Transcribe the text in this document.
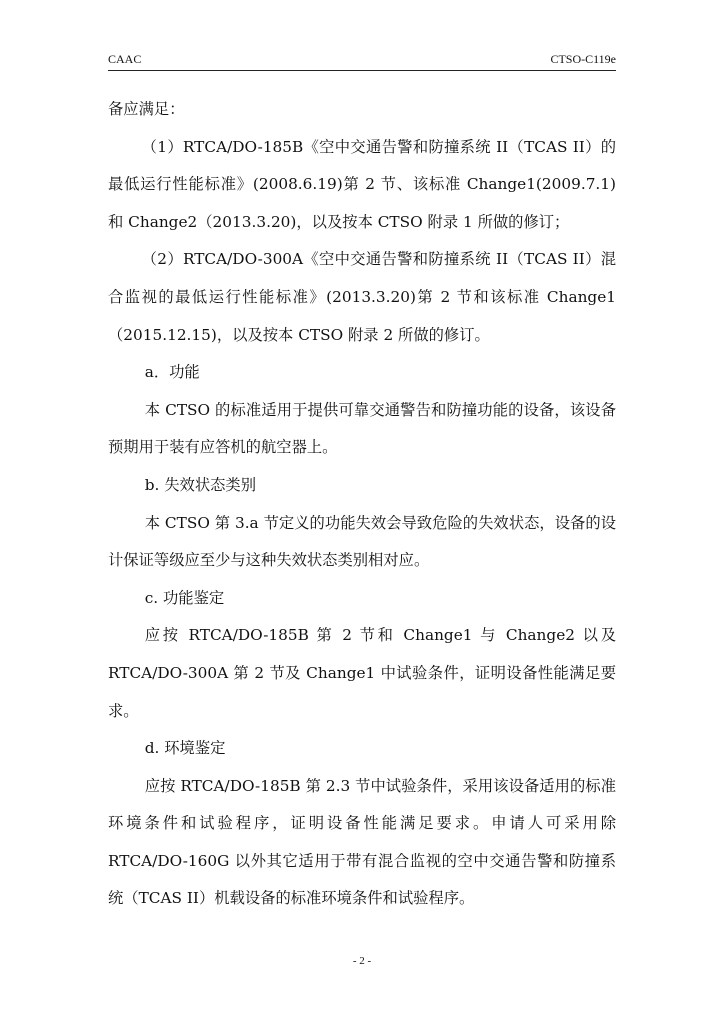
CAAC	CTSO-C119e

备应满足：

（1）RTCA/DO-185B《空中交通告警和防撞系统 II（TCAS II）的最低运行性能标准》(2008.6.19)第 2 节、该标准 Change1(2009.7.1)和 Change2（2013.3.20)，以及按本 CTSO 附录 1 所做的修订；

（2）RTCA/DO-300A《空中交通告警和防撞系统 II（TCAS II）混合监视的最低运行性能标准》(2013.3.20)第 2 节和该标准 Change1（2015.12.15)，以及按本 CTSO 附录 2 所做的修订。

a．功能

本 CTSO 的标准适用于提供可靠交通警告和防撞功能的设备，该设备预期用于装有应答机的航空器上。

b. 失效状态类别

本 CTSO 第 3.a 节定义的功能失效会导致危险的失效状态，设备的设计保证等级应至少与这种失效状态类别相对应。

c. 功能鉴定

应按 RTCA/DO-185B 第 2 节和 Change1 与 Change2 以及RTCA/DO-300A 第 2 节及 Change1 中试验条件，证明设备性能满足要求。

d. 环境鉴定

应按 RTCA/DO-185B 第 2.3 节中试验条件，采用该设备适用的标准环境条件和试验程序，证明设备性能满足要求。申请人可采用除 RTCA/DO-160G 以外其它适用于带有混合监视的空中交通告警和防撞系统（TCAS II）机载设备的标准环境条件和试验程序。

- 2 -
